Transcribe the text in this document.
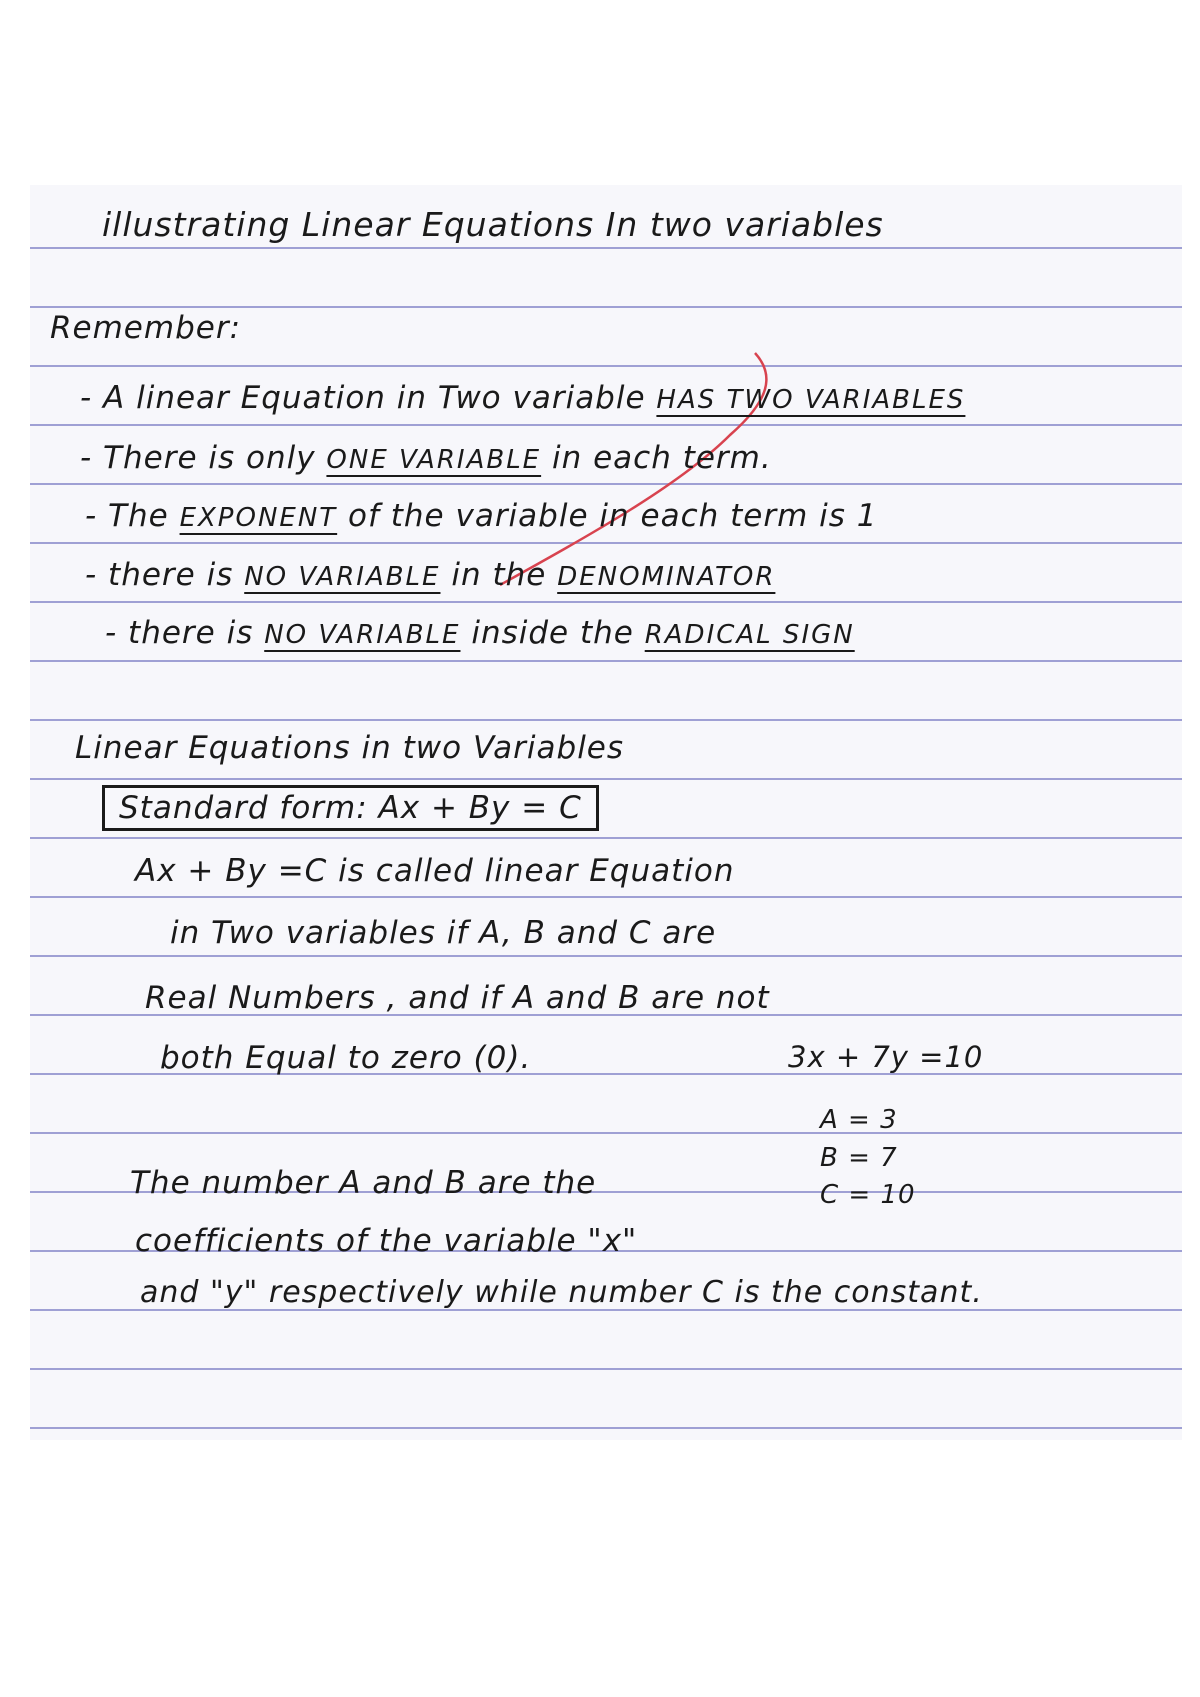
illustrating Linear Equations In two variables
Remember:
- A linear Equation in Two variable HAS TWO VARIABLES
- There is only ONE VARIABLE in each term.
- The EXPONENT of the variable in each term is 1
- there is NO VARIABLE in the DENOMINATOR
- there is NO VARIABLE inside the RADICAL SIGN
Linear Equations in two Variables
Standard form: Ax + By = C
Ax + By =C is called linear Equation
in Two variables if A, B and C are
Real Numbers , and if A and B are not
both Equal to zero (0).	3x + 7y =10
A = 3
B = 7
C = 10
The number A and B are the
coefficients of the variable "x"
and "y" respectively while number C is the constant.
